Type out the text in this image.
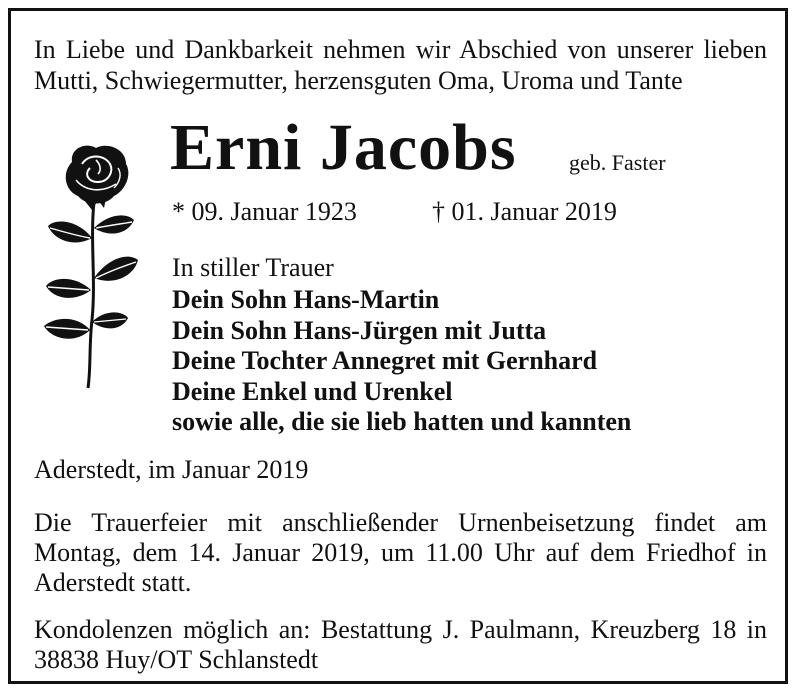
In Liebe und Dankbarkeit nehmen wir Abschied von unserer lieben
Mutti, Schwiegermutter, herzensguten Oma, Uroma und Tante
Erni Jacobs geb. Faster
* 09. Januar 1923	† 01. Januar 2019
In stiller Trauer
Dein Sohn Hans-Martin
Dein Sohn Hans-Jürgen mit Jutta
Deine Tochter Annegret mit Gernhard
Deine Enkel und Urenkel
sowie alle, die sie lieb hatten und kannten
Aderstedt, im Januar 2019
Die Trauerfeier mit anschließender Urnenbeisetzung findet am
Montag, dem 14. Januar 2019, um 11.00 Uhr auf dem Friedhof in
Aderstedt statt.
Kondolenzen möglich an: Bestattung J. Paulmann, Kreuzberg 18 in
38838 Huy/OT Schlanstedt
